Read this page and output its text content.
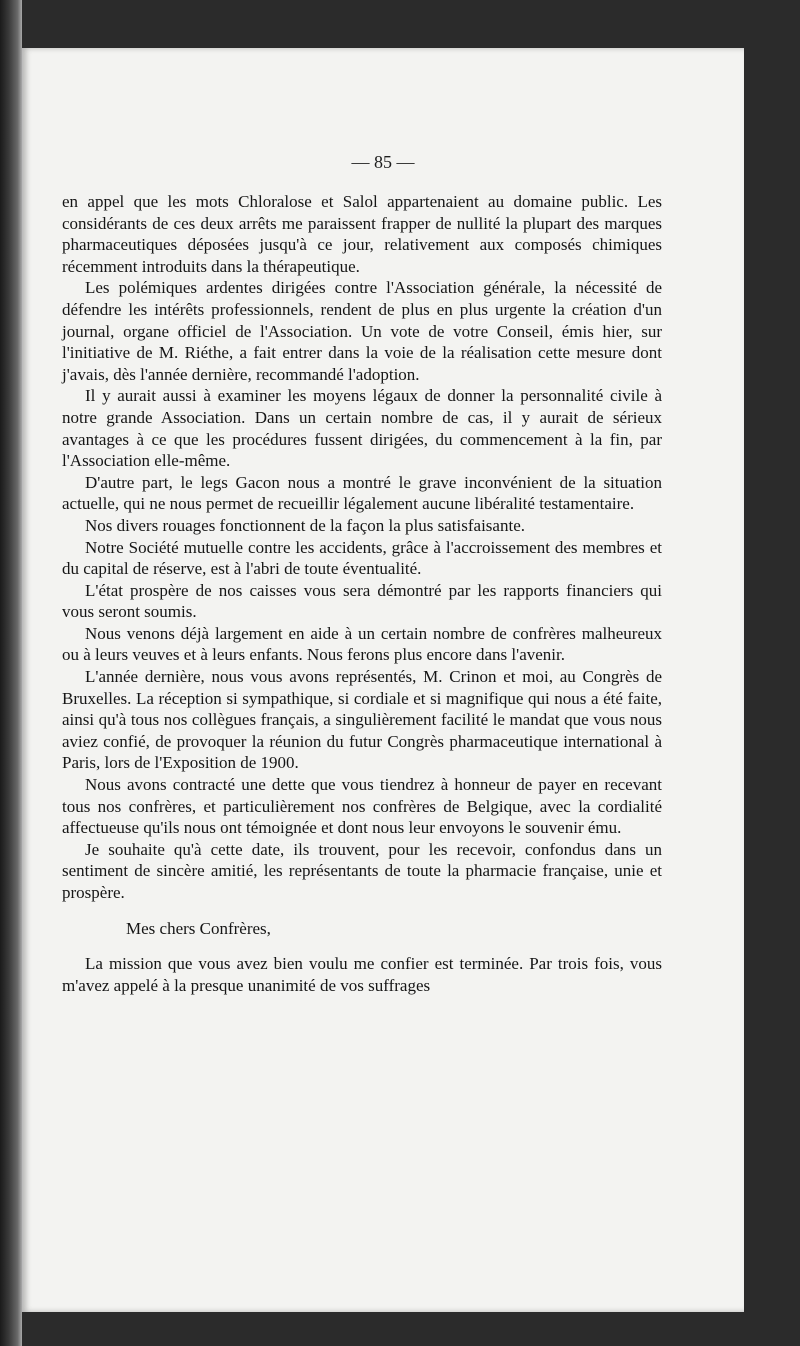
— 85 —

en appel que les mots Chloralose et Salol appartenaient au domaine public. Les considérants de ces deux arrêts me paraissent frapper de nullité la plupart des marques pharmaceutiques déposées jusqu'à ce jour, relativement aux composés chimiques récemment introduits dans la thérapeutique.

Les polémiques ardentes dirigées contre l'Association générale, la nécessité de défendre les intérêts professionnels, rendent de plus en plus urgente la création d'un journal, organe officiel de l'Association. Un vote de votre Conseil, émis hier, sur l'initiative de M. Riéthe, a fait entrer dans la voie de la réalisation cette mesure dont j'avais, dès l'année dernière, recommandé l'adoption.

Il y aurait aussi à examiner les moyens légaux de donner la personnalité civile à notre grande Association. Dans un certain nombre de cas, il y aurait de sérieux avantages à ce que les procédures fussent dirigées, du commencement à la fin, par l'Association elle-même.

D'autre part, le legs Gacon nous a montré le grave inconvénient de la situation actuelle, qui ne nous permet de recueillir légalement aucune libéralité testamentaire.

Nos divers rouages fonctionnent de la façon la plus satisfaisante.

Notre Société mutuelle contre les accidents, grâce à l'accroissement des membres et du capital de réserve, est à l'abri de toute éventualité.

L'état prospère de nos caisses vous sera démontré par les rapports financiers qui vous seront soumis.

Nous venons déjà largement en aide à un certain nombre de confrères malheureux ou à leurs veuves et à leurs enfants. Nous ferons plus encore dans l'avenir.

L'année dernière, nous vous avons représentés, M. Crinon et moi, au Congrès de Bruxelles. La réception si sympathique, si cordiale et si magnifique qui nous a été faite, ainsi qu'à tous nos collègues français, a singulièrement facilité le mandat que vous nous aviez confié, de provoquer la réunion du futur Congrès pharmaceutique international à Paris, lors de l'Exposition de 1900.

Nous avons contracté une dette que vous tiendrez à honneur de payer en recevant tous nos confrères, et particulièrement nos confrères de Belgique, avec la cordialité affectueuse qu'ils nous ont témoignée et dont nous leur envoyons le souvenir ému.

Je souhaite qu'à cette date, ils trouvent, pour les recevoir, confondus dans un sentiment de sincère amitié, les représentants de toute la pharmacie française, unie et prospère.

Mes chers Confrères,

La mission que vous avez bien voulu me confier est terminée. Par trois fois, vous m'avez appelé à la presque unanimité de vos suffrages
